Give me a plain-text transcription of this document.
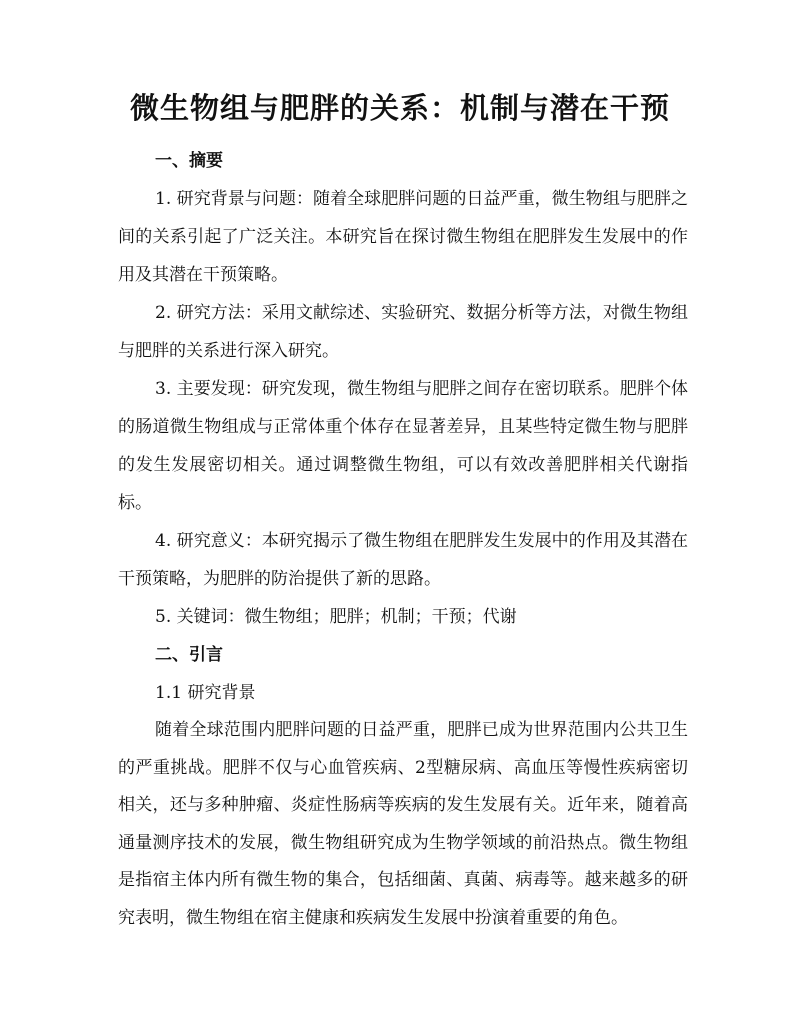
微生物组与肥胖的关系：机制与潜在干预

一、摘要

1. 研究背景与问题：随着全球肥胖问题的日益严重，微生物组与肥胖之间的关系引起了广泛关注。本研究旨在探讨微生物组在肥胖发生发展中的作用及其潜在干预策略。

2. 研究方法：采用文献综述、实验研究、数据分析等方法，对微生物组与肥胖的关系进行深入研究。

3. 主要发现：研究发现，微生物组与肥胖之间存在密切联系。肥胖个体的肠道微生物组成与正常体重个体存在显著差异，且某些特定微生物与肥胖的发生发展密切相关。通过调整微生物组，可以有效改善肥胖相关代谢指标。

4. 研究意义：本研究揭示了微生物组在肥胖发生发展中的作用及其潜在干预策略，为肥胖的防治提供了新的思路。

5. 关键词：微生物组；肥胖；机制；干预；代谢

二、引言

1.1 研究背景

随着全球范围内肥胖问题的日益严重，肥胖已成为世界范围内公共卫生的严重挑战。肥胖不仅与心血管疾病、2型糖尿病、高血压等慢性疾病密切相关，还与多种肿瘤、炎症性肠病等疾病的发生发展有关。近年来，随着高通量测序技术的发展，微生物组研究成为生物学领域的前沿热点。微生物组是指宿主体内所有微生物的集合，包括细菌、真菌、病毒等。越来越多的研究表明，微生物组在宿主健康和疾病发生发展中扮演着重要的角色。
